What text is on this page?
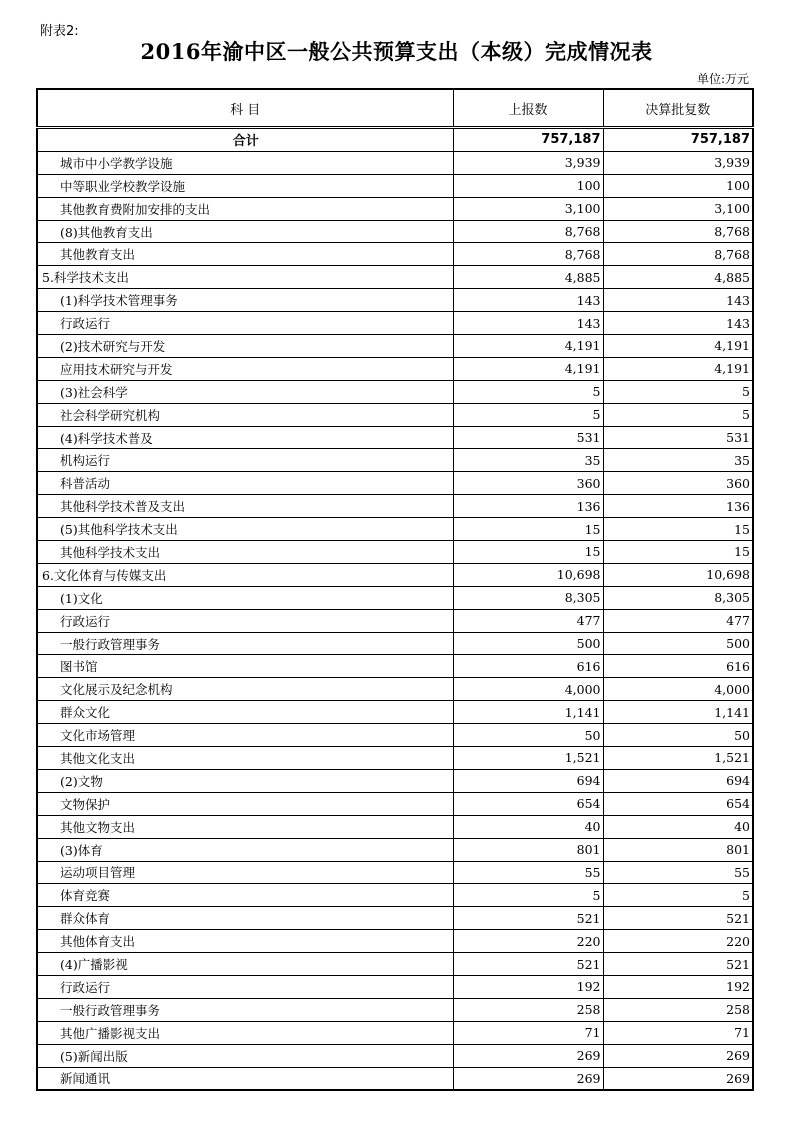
附表2:
2016年渝中区一般公共预算支出（本级）完成情况表
单位:万元
科 目	上报数	决算批复数
合计	757,187	757,187
城市中小学教学设施	3,939	3,939
中等职业学校教学设施	100	100
其他教育费附加安排的支出	3,100	3,100
(8)其他教育支出	8,768	8,768
其他教育支出	8,768	8,768
5.科学技术支出	4,885	4,885
(1)科学技术管理事务	143	143
行政运行	143	143
(2)技术研究与开发	4,191	4,191
应用技术研究与开发	4,191	4,191
(3)社会科学	5	5
社会科学研究机构	5	5
(4)科学技术普及	531	531
机构运行	35	35
科普活动	360	360
其他科学技术普及支出	136	136
(5)其他科学技术支出	15	15
其他科学技术支出	15	15
6.文化体育与传媒支出	10,698	10,698
(1)文化	8,305	8,305
行政运行	477	477
一般行政管理事务	500	500
图书馆	616	616
文化展示及纪念机构	4,000	4,000
群众文化	1,141	1,141
文化市场管理	50	50
其他文化支出	1,521	1,521
(2)文物	694	694
文物保护	654	654
其他文物支出	40	40
(3)体育	801	801
运动项目管理	55	55
体育竞赛	5	5
群众体育	521	521
其他体育支出	220	220
(4)广播影视	521	521
行政运行	192	192
一般行政管理事务	258	258
其他广播影视支出	71	71
(5)新闻出版	269	269
新闻通讯	269	269
